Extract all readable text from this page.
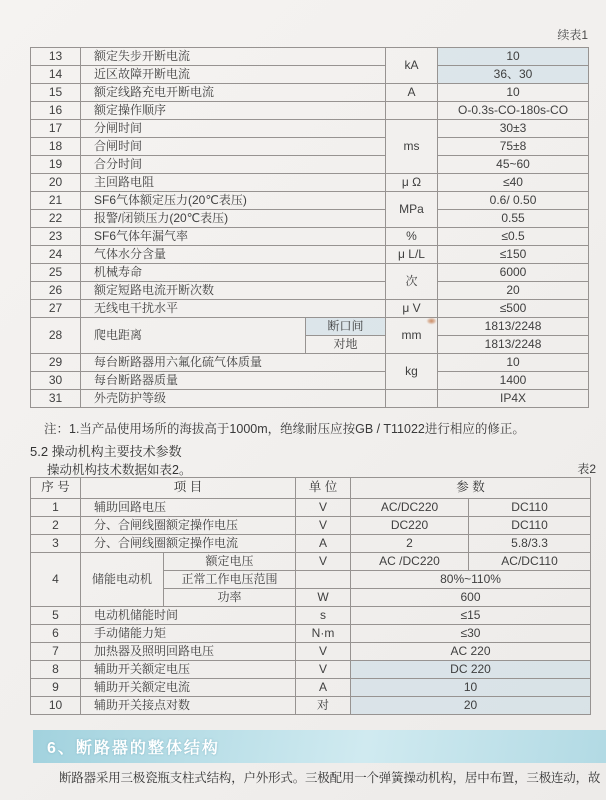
续表1
13	额定失步开断电流		kA	10
14	近区故障开断电流			36、30
15	额定线路充电开断电流		A	10
16	额定操作顺序			O-0.3s-CO-180s-CO
17	分闸时间		ms	30±3
18	合闸时间			75±8
19	合分时间			45~60
20	主回路电阻		μ Ω	≤40
21	SF6气体额定压力(20℃表压)		MPa	0.6/ 0.50
22	报警/闭锁压力(20℃表压)			0.55
23	SF6气体年漏气率		%	≤0.5
24	气体水分含量		μ L/L	≤150
25	机械寿命		次	6000
26	额定短路电流开断次数			20
27	无线电干扰水平		μ V	≤500
28	爬电距离	断口间	mm	1813/2248
		对地		1813/2248
29	每台断路器用六氟化硫气体质量		kg	10
30	每台断路器质量			1400
31	外壳防护等级			IP4X
注：1.当产品使用场所的海拔高于1000m，绝缘耐压应按GB / T11022进行相应的修正。
5.2 操动机构主要技术参数
操动机构技术数据如表2。	表2
序 号	项 目		单 位	参 数	
1	辅助回路电压		V	AC/DC220	DC110
2	分、合闸线圈额定操作电压		V	DC220	DC110
3	分、合闸线圈额定操作电流		A	2	5.8/3.3
4	储能电动机	额定电压	V	AC /DC220	AC/DC110
		正常工作电压范围		80%~110%	
		功率	W	600	
5	电动机储能时间		s	≤15	
6	手动储能力矩		N·m	≤30	
7	加热器及照明回路电压		V	AC 220	
8	辅助开关额定电压		V	DC 220	
9	辅助开关额定电流		A	10	
10	辅助开关接点对数		对	20	
6、断路器的整体结构
断路器采用三极瓷瓶支柱式结构，户外形式。三极配用一个弹簧操动机构，居中布置，三极连动，故
